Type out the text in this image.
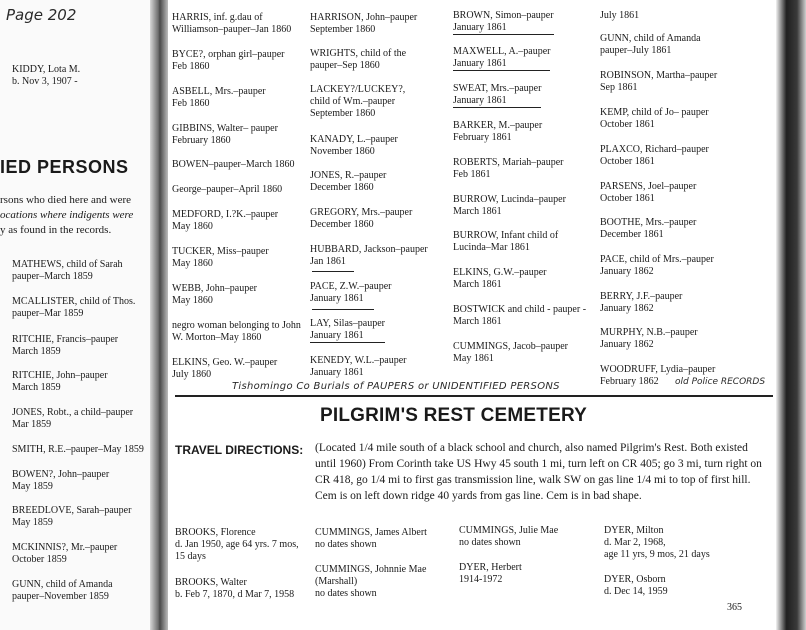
Page 202
KIDDY, Lota M.
b. Nov 3, 1907 -
IED PERSONS
rsons who died here and were
ocations where indigents were
y as found in the records.
MATHEWS, child of Sarah
pauper–March 1859
MCALLISTER, child of Thos.
pauper–Mar 1859
RITCHIE, Francis–pauper
March 1859
RITCHIE, John–pauper
March 1859
JONES, Robt., a child–pauper
Mar 1859
SMITH, R.E.–pauper–May 1859
BOWEN?, John–pauper
May 1859
BREEDLOVE, Sarah–pauper
May 1859
MCKINNIS?, Mr.–pauper
October 1859
GUNN, child of Amanda
pauper–November 1859
HARRIS, inf. g.dau of
Williamson–pauper–Jan 1860
BYCE?, orphan girl–pauper
Feb 1860
ASBELL, Mrs.–pauper
Feb 1860
GIBBINS, Walter– pauper
February 1860
BOWEN–pauper–March 1860
George–pauper–April 1860
MEDFORD, I.?K.–pauper
May 1860
TUCKER, Miss–pauper
May 1860
WEBB, John–pauper
May 1860
negro woman belonging to John
W. Morton–May 1860
ELKINS, Geo. W.–pauper
July 1860
HARRISON, John–pauper
September 1860
WRIGHTS, child of the
pauper–Sep 1860
LACKEY?/LUCKEY?,
child of Wm.–pauper
September 1860
KANADY, L.–pauper
November 1860
JONES, R.–pauper
December 1860
GREGORY, Mrs.–pauper
December 1860
HUBBARD, Jackson–pauper
Jan 1861
PACE, Z.W.–pauper
January 1861
LAY, Silas–pauper
January 1861
KENEDY, W.L.–pauper
January 1861
BROWN, Simon–pauper
January 1861
MAXWELL, A.–pauper
January 1861
SWEAT, Mrs.–pauper
January 1861
BARKER, M.–pauper
February 1861
ROBERTS, Mariah–pauper
Feb 1861
BURROW, Lucinda–pauper
March 1861
BURROW, Infant child of
Lucinda–Mar 1861
ELKINS, G.W.–pauper
March 1861
BOSTWICK and child - pauper -
March 1861
CUMMINGS, Jacob–pauper
May 1861
July 1861
GUNN, child of Amanda
pauper–July 1861
ROBINSON, Martha–pauper
Sep 1861
KEMP, child of Jo– pauper
October 1861
PLAXCO, Richard–pauper
October 1861
PARSENS, Joel–pauper
October 1861
BOOTHE, Mrs.–pauper
December 1861
PACE, child of Mrs.–pauper
January 1862
BERRY, J.F.–pauper
January 1862
MURPHY, N.B.–pauper
January 1862
WOODRUFF, Lydia–pauper
February 1862
Tishomingo Co Burials of PAUPERS or UNIDENTIFIED PERSONS	old Police RECORDS
PILGRIM'S REST CEMETERY
TRAVEL DIRECTIONS: (Located 1/4 mile south of a black school and church, also named Pilgrim's Rest. Both existed until 1960) From Corinth take US Hwy 45 south 1 mi, turn left on CR 405; go 3 mi, turn right on CR 418, go 1/4 mi to first gas transmission line, walk SW on gas line 1/4 mi to top of first hill. Cem is on left down ridge 40 yards from gas line. Cem is in bad shape.
BROOKS, Florence
d. Jan 1950, age 64 yrs. 7 mos,
15 days
BROOKS, Walter
b. Feb 7, 1870, d Mar 7, 1958
CUMMINGS, James Albert
no dates shown
CUMMINGS, Johnnie Mae
(Marshall)
no dates shown
CUMMINGS, Julie Mae
no dates shown
DYER, Herbert
1914-1972
DYER, Milton
d. Mar 2, 1968,
age 11 yrs, 9 mos, 21 days
DYER, Osborn
d. Dec 14, 1959
365
